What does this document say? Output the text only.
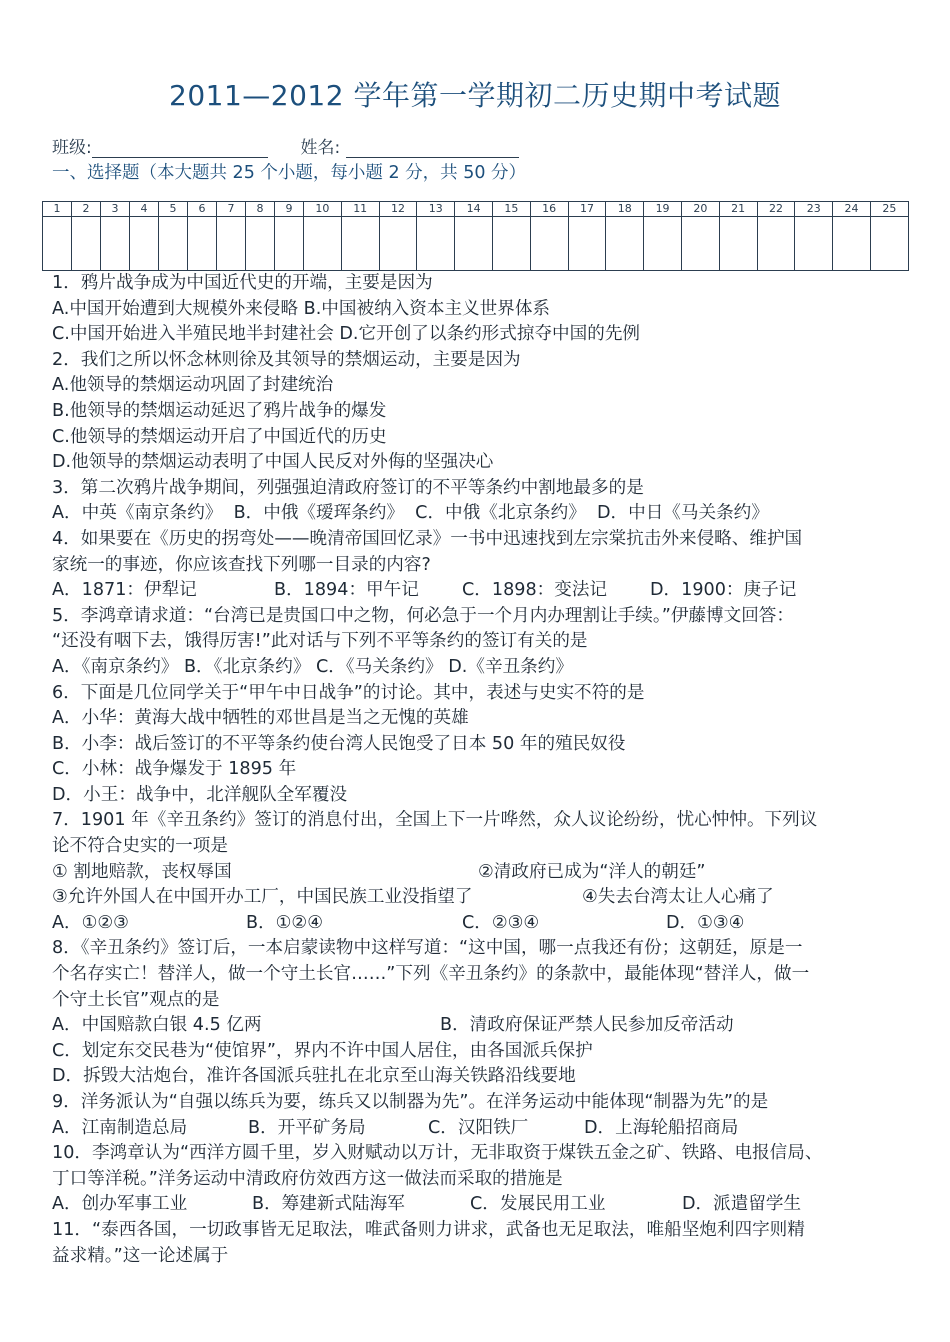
2011—2012 学年第一学期初二历史期中考试题
班级:	姓名:
一、选择题（本大题共 25 个小题，每小题 2 分，共 50 分）
1	2	3	4	5	6	7	8	9	10	11	12	13	14	15	16	17	18	19	20	21	22	23	24	25

1．鸦片战争成为中国近代史的开端，主要是因为
A.中国开始遭到大规模外来侵略 B.中国被纳入资本主义世界体系
C.中国开始进入半殖民地半封建社会 D.它开创了以条约形式掠夺中国的先例
2．我们之所以怀念林则徐及其领导的禁烟运动，主要是因为
A.他领导的禁烟运动巩固了封建统治
B.他领导的禁烟运动延迟了鸦片战争的爆发
C.他领导的禁烟运动开启了中国近代的历史
D.他领导的禁烟运动表明了中国人民反对外侮的坚强决心
3．第二次鸦片战争期间，列强强迫清政府签订的不平等条约中割地最多的是
A．中英《南京条约》  B．中俄《瑷珲条约》  C．中俄《北京条约》  D．中日《马关条约》
4．如果要在《历史的拐弯处——晚清帝国回忆录》一书中迅速找到左宗棠抗击外来侵略、维护国
家统一的事迹，你应该查找下列哪一目录的内容?
A．1871：伊犁记	B．1894：甲午记	C．1898：变法记	D．1900：庚子记
5．李鸿章请求道：“台湾已是贵国口中之物，何必急于一个月内办理割让手续。”伊藤博文回答：
“还没有咽下去，饿得厉害!”此对话与下列不平等条约的签订有关的是
A．《南京条约》 B．《北京条约》 C．《马关条约》 D.《辛丑条约》
6．下面是几位同学关于“甲午中日战争”的讨论。其中，表述与史实不符的是
A．小华：黄海大战中牺牲的邓世昌是当之无愧的英雄
B．小李：战后签订的不平等条约使台湾人民饱受了日本 50 年的殖民奴役
C．小林：战争爆发于 1895 年
D．小王：战争中，北洋舰队全军覆没
7．1901 年《辛丑条约》签订的消息付出，全国上下一片哗然，众人议论纷纷，忧心忡忡。下列议
论不符合史实的一项是
① 割地赔款，丧权辱国	②清政府已成为“洋人的朝廷”
③允许外国人在中国开办工厂，中国民族工业没指望了	④失去台湾太让人心痛了
A．①②③	B．①②④	C．②③④	D．①③④
8．《辛丑条约》签订后，一本启蒙读物中这样写道：“这中国，哪一点我还有份；这朝廷，原是一
个名存实亡！替洋人，做一个守土长官……”下列《辛丑条约》的条款中，最能体现“替洋人，做一
个守土长官”观点的是
A．中国赔款白银 4.5 亿两	B．清政府保证严禁人民参加反帝活动
C．划定东交民巷为“使馆界”，界内不许中国人居住，由各国派兵保护
D．拆毁大沽炮台，准许各国派兵驻扎在北京至山海关铁路沿线要地
9．洋务派认为“自强以练兵为要，练兵又以制器为先”。在洋务运动中能体现“制器为先”的是
A．江南制造总局	B．开平矿务局	C．汉阳铁厂	D．上海轮船招商局
10．李鸿章认为“西洋方圆千里，岁入财赋动以万计，无非取资于煤铁五金之矿、铁路、电报信局、
丁口等洋税。”洋务运动中清政府仿效西方这一做法而采取的措施是
A．创办军事工业	B．筹建新式陆海军	C．发展民用工业	D．派遣留学生
11．“泰西各国，一切政事皆无足取法，唯武备则力讲求，武备也无足取法，唯船坚炮利四字则精
益求精。”这一论述属于
